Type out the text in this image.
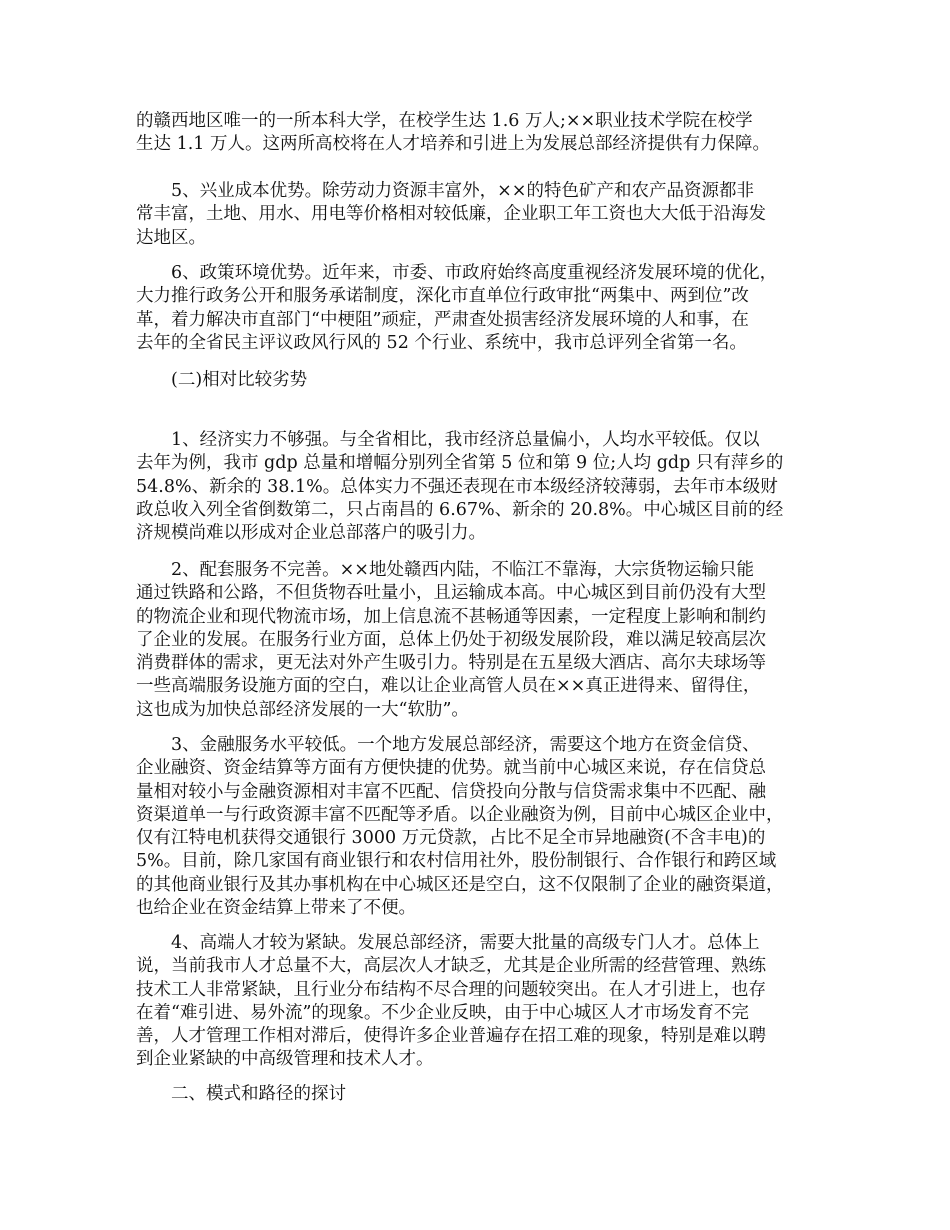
的赣西地区唯一的一所本科大学，在校学生达 1.6 万人;××职业技术学院在校学
生达 1.1 万人。这两所高校将在人才培养和引进上为发展总部经济提供有力保障。
　　5、兴业成本优势。除劳动力资源丰富外，××的特色矿产和农产品资源都非
常丰富，土地、用水、用电等价格相对较低廉，企业职工年工资也大大低于沿海发
达地区。
　　6、政策环境优势。近年来，市委、市政府始终高度重视经济发展环境的优化，
大力推行政务公开和服务承诺制度，深化市直单位行政审批“两集中、两到位”改
革，着力解决市直部门“中梗阻”顽症，严肃查处损害经济发展环境的人和事，在
去年的全省民主评议政风行风的 52 个行业、系统中，我市总评列全省第一名。
　　(二)相对比较劣势
　　1、经济实力不够强。与全省相比，我市经济总量偏小，人均水平较低。仅以
去年为例，我市 gdp 总量和增幅分别列全省第 5 位和第 9 位;人均 gdp 只有萍乡的
54.8%、新余的 38.1%。总体实力不强还表现在市本级经济较薄弱，去年市本级财
政总收入列全省倒数第二，只占南昌的 6.67%、新余的 20.8%。中心城区目前的经
济规模尚难以形成对企业总部落户的吸引力。
　　2、配套服务不完善。××地处赣西内陆，不临江不靠海，大宗货物运输只能
通过铁路和公路，不但货物吞吐量小，且运输成本高。中心城区到目前仍没有大型
的物流企业和现代物流市场，加上信息流不甚畅通等因素，一定程度上影响和制约
了企业的发展。在服务行业方面，总体上仍处于初级发展阶段，难以满足较高层次
消费群体的需求，更无法对外产生吸引力。特别是在五星级大酒店、高尔夫球场等
一些高端服务设施方面的空白，难以让企业高管人员在××真正进得来、留得住，
这也成为加快总部经济发展的一大“软肋”。
　　3、金融服务水平较低。一个地方发展总部经济，需要这个地方在资金信贷、
企业融资、资金结算等方面有方便快捷的优势。就当前中心城区来说，存在信贷总
量相对较小与金融资源相对丰富不匹配、信贷投向分散与信贷需求集中不匹配、融
资渠道单一与行政资源丰富不匹配等矛盾。以企业融资为例，目前中心城区企业中，
仅有江特电机获得交通银行 3000 万元贷款，占比不足全市异地融资(不含丰电)的
5%。目前，除几家国有商业银行和农村信用社外，股份制银行、合作银行和跨区域
的其他商业银行及其办事机构在中心城区还是空白，这不仅限制了企业的融资渠道，
也给企业在资金结算上带来了不便。
　　4、高端人才较为紧缺。发展总部经济，需要大批量的高级专门人才。总体上
说，当前我市人才总量不大，高层次人才缺乏，尤其是企业所需的经营管理、熟练
技术工人非常紧缺，且行业分布结构不尽合理的问题较突出。在人才引进上，也存
在着“难引进、易外流”的现象。不少企业反映，由于中心城区人才市场发育不完
善，人才管理工作相对滞后，使得许多企业普遍存在招工难的现象，特别是难以聘
到企业紧缺的中高级管理和技术人才。
　　二、模式和路径的探讨
